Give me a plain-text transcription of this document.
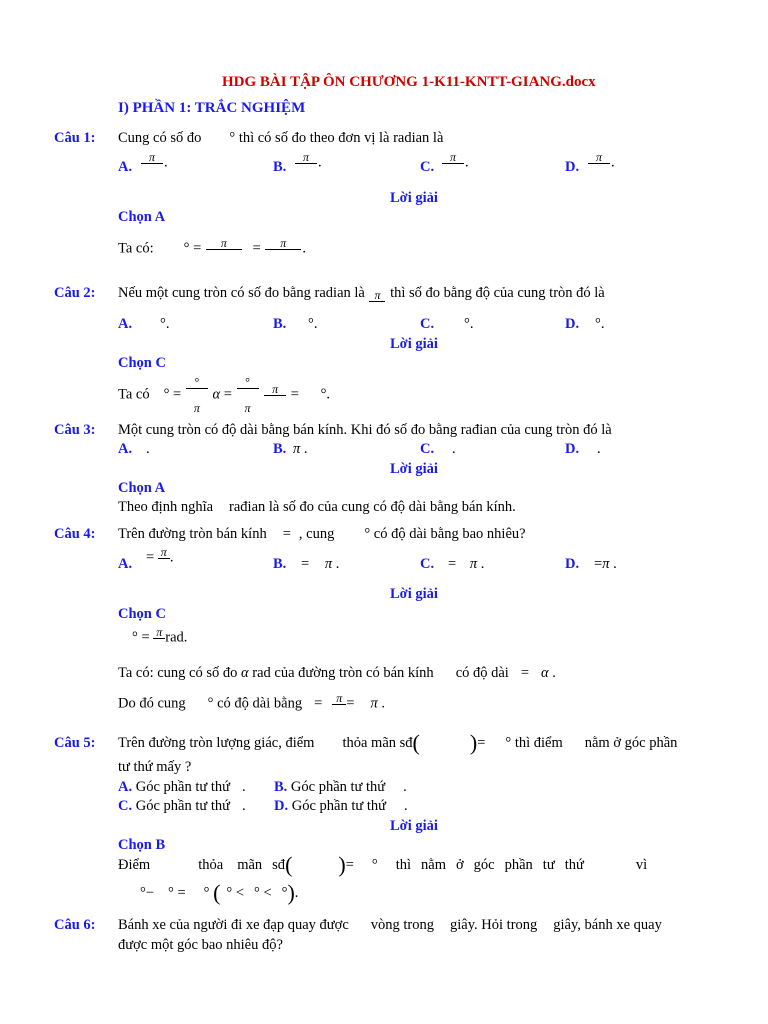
HDG BÀI TẬP ÔN CHƯƠNG 1-K11-KNTT-GIANG.docx
I) PHẦN 1: TRẮC NGHIỆM
Câu 1: Cung có số đo ° thì có số đo theo đơn vị là radian là
A.
π .	B.
π .	C.
π .	D.
π .
Lời giải
Chọn A
Ta có: ° =	π	=	π	.
Câu 2: Nếu một cung tròn có số đo bằng radian là π thì số đo bằng độ của cung tròn đó là
A. °.	B. °.	C. °.	D. °.
Lời giải
Chọn C
Ta có ° =
°
π
α =
°
π

π = °.
Câu 3: Một cung tròn có độ dài bằng bán kính. Khi đó số đo bằng rađian của cung tròn đó là
A. .	B. π .	C. .	D. .
Lời giải
Chọn A
Theo định nghĩa rađian là số đo của cung có độ dài bằng bán kính.
Câu 4: Trên đường tròn bán kính = , cung ° có độ dài bằng bao nhiêu?
A. = π .	B. = π .	C. = π .	D. =π .
Lời giải
Chọn C
° = π rad.
Ta có: cung có số đo α rad của đường tròn có bán kính có độ dài = α .
Do đó cung ° có độ dài bằng =	π = π .
Câu 5: Trên đường tròn lượng giác, điểm thỏa mãn sđ( )= ° thì điểm nằm ở góc phần
tư thứ mấy ?
A. Góc phần tư thứ . B. Góc phần tư thứ .
C. Góc phần tư thứ . D. Góc phần tư thứ .
Lời giải
Chọn B
Điểm	thỏa mãn sđ( )= ° thì nằm ở góc phần tư thứ	vì
°− ° = ° ( ° < ° < °).
Câu 6: Bánh xe của người đi xe đạp quay được vòng trong giây. Hỏi trong giây, bánh xe quay
được một góc bao nhiêu độ?
